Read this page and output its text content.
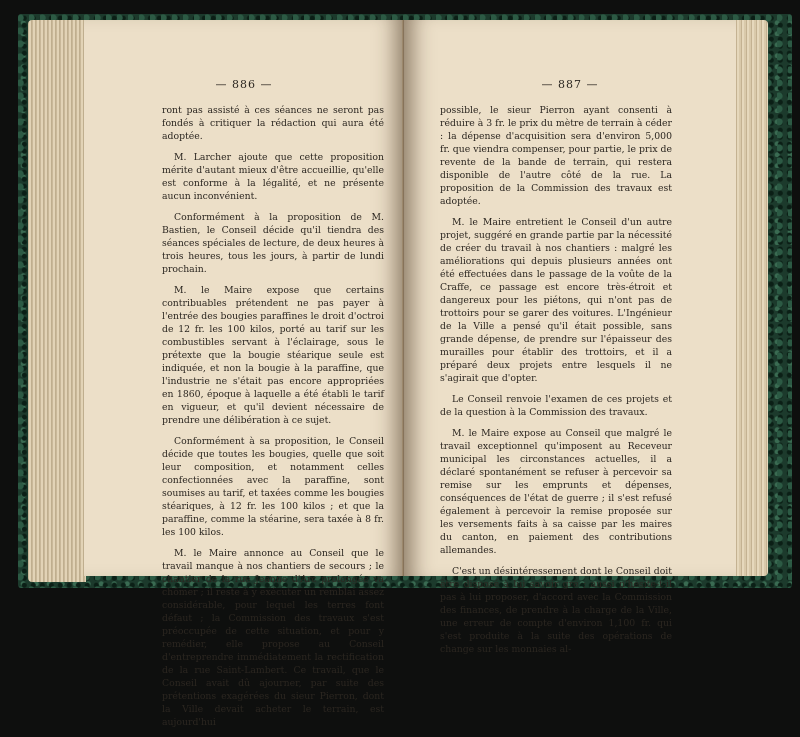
— 886 —

ront pas assisté à ces séances ne seront pas fondés à critiquer la rédaction qui aura été adoptée.

M. Larcher ajoute que cette proposition mérite d'autant mieux d'être accueillie, qu'elle est conforme à la légalité, et ne présente aucun inconvénient.

Conformément à la proposition de M. Bastien, le Conseil décide qu'il tiendra des séances spéciales de lecture, de deux heures à trois heures, tous les jours, à partir de lundi prochain.

M. le Maire expose que certains contribuables prétendent ne pas payer à l'entrée des bougies paraffines le droit d'octroi de 12 fr. les 100 kilos, porté au tarif sur les combustibles servant à l'éclairage, sous le prétexte que la bougie stéarique seule est indiquée, et non la bougie à la paraffine, que l'industrie ne s'était pas encore appropriées en 1860, époque à laquelle a été établi le tarif en vigueur, et qu'il devient nécessaire de prendre une délibération à ce sujet.

Conformément à sa proposition, le Conseil décide que toutes les bougies, quelle que soit leur composition, et notamment celles confectionnées avec la paraffine, sont soumises au tarif, et taxées comme les bougies stéariques, à 12 fr. les 100 kilos ; et que la paraffine, comme la stéarine, sera taxée à 8 fr. les 100 kilos.

M. le Maire annonce au Conseil que le travail manque à nos chantiers de secours ; le chantier de la rue Jeanne d'Arc prolongée va chômer ; il reste à y exécuter un remblai assez considérable, pour lequel les terres font défaut ; la Commission des travaux s'est préoccupée de cette situation, et pour y remédier, elle propose au Conseil d'entreprendre immédiatement la rectification de la rue Saint-Lambert. Ce travail, que le Conseil avait dû ajourner, par suite des prétentions exagérées du sieur Pierron, dont la Ville devait acheter le terrain, est aujourd'hui

— 887 —

possible, le sieur Pierron ayant consenti à réduire à 3 fr. le prix du mètre de terrain à céder : la dépense d'acquisition sera d'environ 5,000 fr. que viendra compenser, pour partie, le prix de revente de la bande de terrain, qui restera disponible de l'autre côté de la rue. La proposition de la Commission des travaux est adoptée.

M. le Maire entretient le Conseil d'un autre projet, suggéré en grande partie par la nécessité de créer du travail à nos chantiers : malgré les améliorations qui depuis plusieurs années ont été effectuées dans le passage de la voûte de la Craffe, ce passage est encore très-étroit et dangereux pour les piétons, qui n'ont pas de trottoirs pour se garer des voitures. L'Ingénieur de la Ville a pensé qu'il était possible, sans grande dépense, de prendre sur l'épaisseur des murailles pour établir des trottoirs, et il a préparé deux projets entre lesquels il ne s'agirait que d'opter.

Le Conseil renvoie l'examen de ces projets et de la question à la Commission des travaux.

M. le Maire expose au Conseil que malgré le travail exceptionnel qu'imposent au Receveur municipal les circonstances actuelles, il a déclaré spontanément se refuser à percevoir sa remise sur les emprunts et dépenses, conséquences de l'état de guerre ; il s'est refusé également à percevoir la remise proposée sur les versements faits à sa caisse par les maires du canton, en paiement des contributions allemandes.

C'est un désintéressement dont le Conseil doit être disposé à lui savoir gré ; aussi n'hésite-t-il pas à lui proposer, d'accord avec la Commission des finances, de prendre à la charge de la Ville, une erreur de compte d'environ 1,100 fr. qui s'est produite à la suite des opérations de change sur les monnaies al-
